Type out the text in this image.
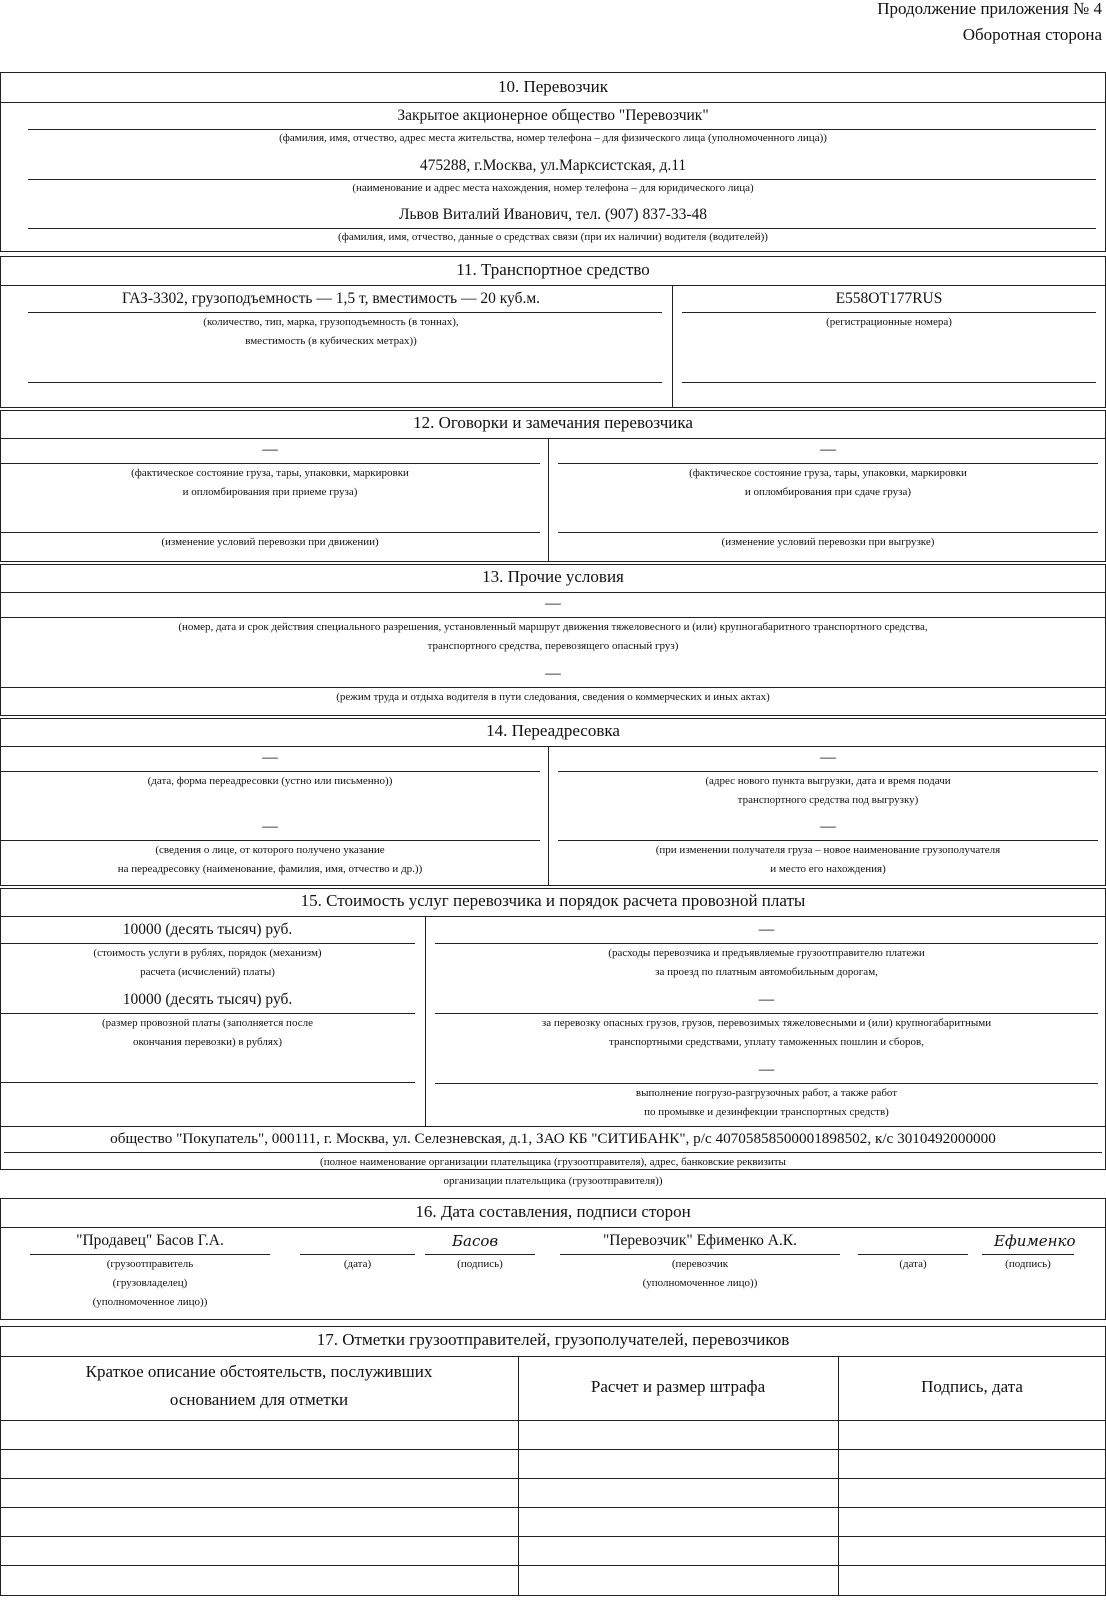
Продолжение приложения № 4
Оборотная сторона
10. Перевозчик
Закрытое акционерное общество "Перевозчик"
(фамилия, имя, отчество, адрес места жительства, номер телефона – для физического лица (уполномоченного лица))
475288, г.Москва, ул.Марксистская, д.11
(наименование и адрес места нахождения, номер телефона – для юридического лица)
Львов Виталий Иванович, тел. (907) 837-33-48
(фамилия, имя, отчество, данные о средствах связи (при их наличии) водителя (водителей))
11. Транспортное средство
ГАЗ-3302, грузоподъемность — 1,5 т, вместимость — 20 куб.м.
(количество, тип, марка, грузоподъемность (в тоннах),
вместимость (в кубических метрах))
Е558ОТ177RUS
(регистрационные номера)
12. Оговорки и замечания перевозчика
—
(фактическое состояние груза, тары, упаковки, маркировки
и опломбирования при приеме груза)
(изменение условий перевозки при движении)
—
(фактическое состояние груза, тары, упаковки, маркировки
и опломбирования при сдаче груза)
(изменение условий перевозки при выгрузке)
13. Прочие условия
—
(номер, дата и срок действия специального разрешения, установленный маршрут движения тяжеловесного и (или) крупногабаритного транспортного средства,
транспортного средства, перевозящего опасный груз)
—
(режим труда и отдыха водителя в пути следования, сведения о коммерческих и иных актах)
14. Переадресовка
—
(дата, форма переадресовки (устно или письменно))
—
(сведения о лице, от которого получено указание
на переадресовку (наименование, фамилия, имя, отчество и др.))
—
(адрес нового пункта выгрузки, дата и время подачи
транспортного средства под выгрузку)
—
(при изменении получателя груза – новое наименование грузополучателя
и место его нахождения)
15. Стоимость услуг перевозчика и порядок расчета провозной платы
10000 (десять тысяч) руб.
(стоимость услуги в рублях, порядок (механизм)
расчета (исчислений) платы)
10000 (десять тысяч) руб.
(размер провозной платы (заполняется после
окончания перевозки) в рублях)
—
(расходы перевозчика и предъявляемые грузоотправителю платежи
за проезд по платным автомобильным дорогам,
—
за перевозку опасных грузов, грузов, перевозимых тяжеловесными и (или) крупногабаритными
транспортными средствами, уплату таможенных пошлин и сборов,
—
выполнение погрузо-разгрузочных работ, а также работ
по промывке и дезинфекции транспортных средств)
общество "Покупатель", 000111, г. Москва, ул. Селезневская, д.1, ЗАО КБ "СИТИБАНК", р/с 40705858500001898502, к/с 3010492000000
(полное наименование организации плательщика (грузоотправителя), адрес, банковские реквизиты
организации плательщика (грузоотправителя))
16. Дата составления, подписи сторон
"Продавец" Басов Г.А.
(грузоотправитель
(грузовладелец)
(уполномоченное лицо))
(дата)
Басов
(подпись)
"Перевозчик" Ефименко А.К.
(перевозчик
(уполномоченное лицо))
(дата)
Ефименко
(подпись)
17. Отметки грузоотправителей, грузополучателей, перевозчиков
Краткое описание обстоятельств, послуживших
основанием для отметки
Расчет и размер штрафа	Подпись, дата
